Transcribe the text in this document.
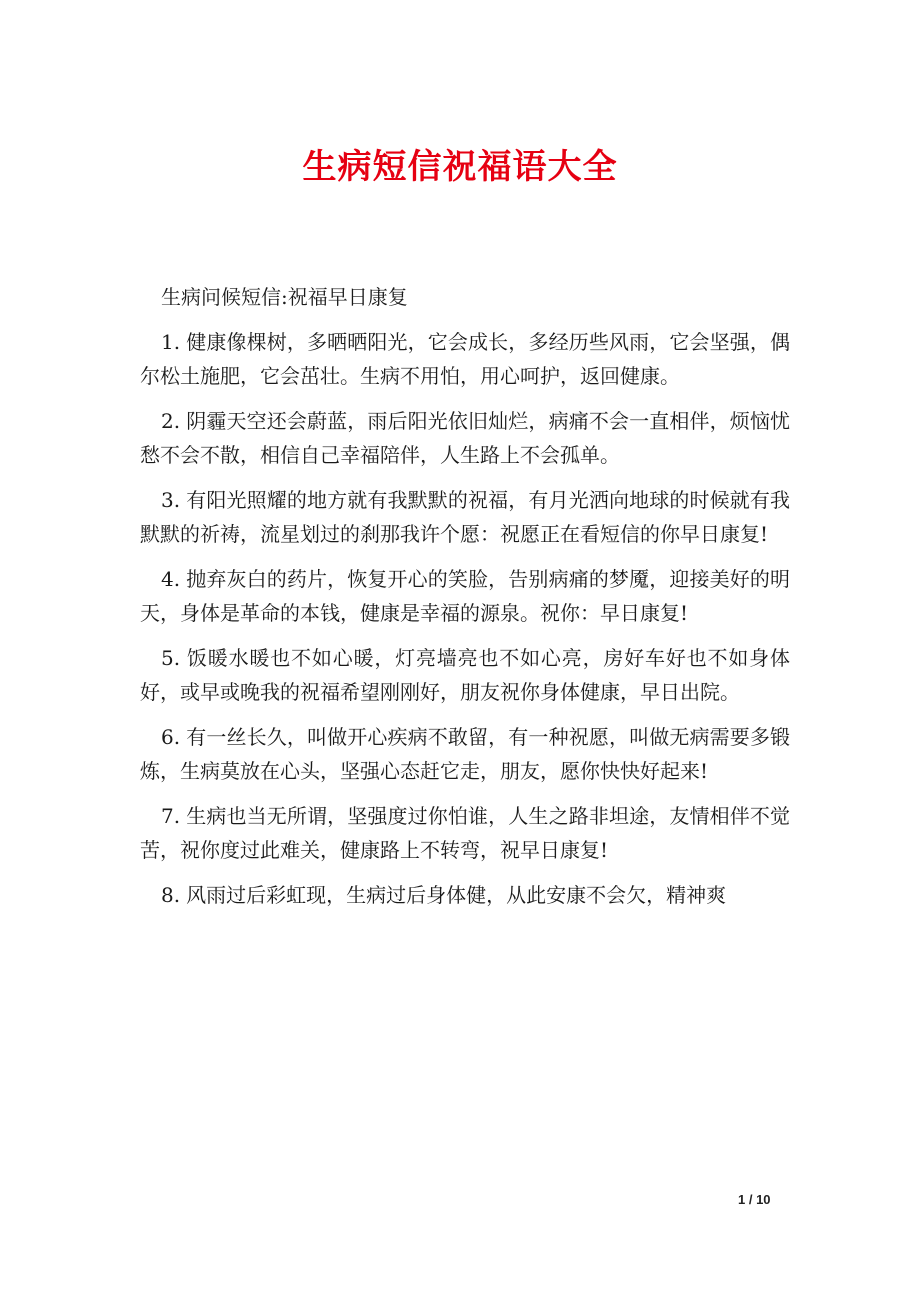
生病短信祝福语大全

生病问候短信:祝福早日康复

1. 健康像棵树，多晒晒阳光，它会成长，多经历些风雨，它会坚强，偶尔松土施肥，它会茁壮。生病不用怕，用心呵护，返回健康。

2. 阴霾天空还会蔚蓝，雨后阳光依旧灿烂，病痛不会一直相伴，烦恼忧愁不会不散，相信自己幸福陪伴，人生路上不会孤单。

3. 有阳光照耀的地方就有我默默的祝福，有月光洒向地球的时候就有我默默的祈祷，流星划过的刹那我许个愿：祝愿正在看短信的你早日康复!

4. 抛弃灰白的药片，恢复开心的笑脸，告别病痛的梦魇，迎接美好的明天，身体是革命的本钱，健康是幸福的源泉。祝你：早日康复!

5. 饭暖水暖也不如心暖，灯亮墙亮也不如心亮，房好车好也不如身体好，或早或晚我的祝福希望刚刚好，朋友祝你身体健康，早日出院。

6. 有一丝长久，叫做开心疾病不敢留，有一种祝愿，叫做无病需要多锻炼，生病莫放在心头，坚强心态赶它走，朋友，愿你快快好起来!

7. 生病也当无所谓，坚强度过你怕谁，人生之路非坦途，友情相伴不觉苦，祝你度过此难关，健康路上不转弯，祝早日康复!

8. 风雨过后彩虹现，生病过后身体健，从此安康不会欠，精神爽

1 / 10
